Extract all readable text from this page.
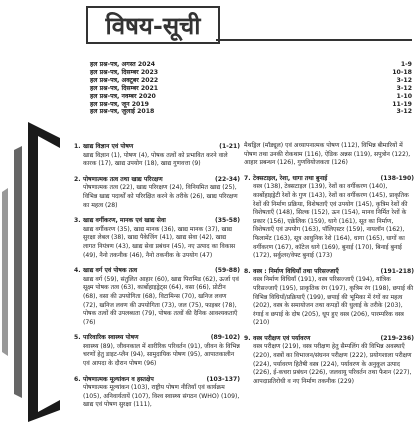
विषय-सूची
हल प्रश्न-पत्र, अगस्त 2024	1-9
हल प्रश्न-पत्र, दिसम्बर 2023	10-18
हल प्रश्न-पत्र, अक्टूबर 2022	3-12
हल प्रश्न-पत्र, दिसम्बर 2021	3-12
हल प्रश्न-पत्र, नवम्बर 2020	1-10
हल प्रश्न-पत्र, जून 2019	11-19
हल प्रश्न-पत्र, जुलाई 2018	3-12
1. खाद्य विज्ञान एवं पोषण	(1-21)
खाद्य विज्ञान (1), पोषण (4), पोषक तत्वों को प्रभावित करने वाले कारक (17), खाद्य उपयोग (18), खाद्य गुणवत्ता (9)
2. पोषणात्मक तत्व तथा खाद्य परिरक्षण	(22-34)
पोषणात्मक तत्व (22), खाद्य परिरक्षण (24), विनियमित खाद्य (25), विभिन्न खाद्य पदार्थों को परिरक्षित करने के तरीके (26), खाद्य परिरक्षण का महत्व (28)
3. खाद्य वर्गीकरण, मानक एवं खाद्य सेवा	(35-58)
खाद्य वर्गीकरण (35), खाद्य मानक (36), खाद्य मानक (37), खाद्य सुरक्षा लेबल (38), खाद्य पैकेजिंग (41), खाद्य सेवा (42), खाद्य लागत नियंत्रण (43), खाद्य सेवा प्रबंधन (45), नए उत्पाद का विकास (49), नैनो तकनीक (46), नैनो तकनीक के उपयोग (47)
4. खाद्य वर्ग एवं पोषक तत्व	(59-88)
खाद्य वर्ग (59), संतुलित आहार (60), खाद्य पिरामिड (62), ऊर्जा एवं सूक्ष्म पोषक तत्व (63), कार्बोहाइड्रेट्स (64), वसा (66), प्रोटीन (68), वसा की उपयोगिता (68), विटामिन्स (70), खनिज लवण (72), खनिज लवण की उपयोगिता (73), जल (75), फाइबर (78), पोषक तत्वों की उपलब्धता (79), पोषक तत्वों की दैनिक आवश्यकताएँ (76)
5. पारिवारिक स्वास्थ्य पोषण	(89-102)
स्वास्थ्य (89), जीवनकाल में शारीरिक परिवर्तन (91), जीवन के विभिन्न चरणों हेतु डाइट-प्लैन (94), सामुदायिक पोषण (95), आपातकालीन एवं आपदा के दौरान पोषण (96)
6. पोषणात्मक मूल्यांकन व हस्तक्षेप	(103-137)
पोषणात्मक मूल्यांकन (103), राष्ट्रीय पोषण नीतियाँ एवं कार्यक्रम (105), अनिवार्यतायें (107), विश्व स्वास्थ्य संगठन (WHO) (109), खाद्य एवं पोषण सुरक्षा (111),
मैथड्रिल (मॉड्यूल) एवं अध्यापनात्मक पोषण (112), विभिन्न बीमारियों में पोषण तथा उनकी रोकथाम (116), ऐडिक अन्नस (119), सपुत्रोन (122), आहार प्रबन्धन (126), गुणवियोजकता (126)
7. टेक्सटाइल, रेशा, धागा तथा बुनाई	(138-190)
वस्त्र (138), टेक्सटाइल (139), रेशों का वर्गीकरण (140), कार्बोहाइड्रेटी रेशों के गुण (143), रेशों का वर्गीकरण (145), प्राकृतिक रेशों की निर्माण प्रक्रिया, विशेषताएँ एवं उपयोग (145), कृत्रिम रेशों की विशेषताएँ (148), सिल्क (152), ऊन (154), मानव निर्मित रेशों के प्रकार (156), एक्रेलिक (159), धागे (161), सूत का निर्माण, विशेषताएँ एवं उपयोग (163), पॉलिएस्टर (159), नायलॉन (162), फिलामेंट (163), सूत्र आधुनिक रेशे (164), धागा (165), धागों का वर्गीकरण (167), कॉटेज धागे (169), बुनाई (170), बिनाई बुनाई (172), सर्कुलर/वेफ्ट बुनाई (173)
8. वस्त्र : निर्माण विधियाँ तथा परिसज्जाएँ	(191-218)
वस्त्र निर्माण विधियाँ (191), वस्त्र परिसज्जाएँ (194), यांत्रिक परिसज्जाएँ (195), प्राकृतिक रंग (197), कृत्रिम रंग (198), छपाई की विभिन्न विधियाँ/प्रक्रियाएँ (199), छपाई की भूमिका में रंगों का महत्व (202), वस्त्र के समायोजन तथा कपड़ों की धुलाई के तरीके (203), रंगाई व छपाई के दोष (205), धूप हुए वस्त्र (206), पारम्परिक वस्त्र (210)
9. वस्त्र परीक्षण एवं पर्यावरण	(219-236)
वस्त्र परीक्षण (219), वस्त्र परीक्षण हेतु सैम्पलिंग की विभिन्न अवस्थाएँ (220), वस्त्रों का विभाजन/संघनन परीक्षण (222), प्रयोगशाला परीक्षण (224), पर्यावरण हितैषी वस्त्र (224), पर्यावरण के अनुकूल उत्पाद (226), ई-कचरा प्रबंधन (226), जलवायु परिवर्तन तथा फैशन (227), आपदाप्रतिरोधी व नए निर्माण तकनीक (229)
